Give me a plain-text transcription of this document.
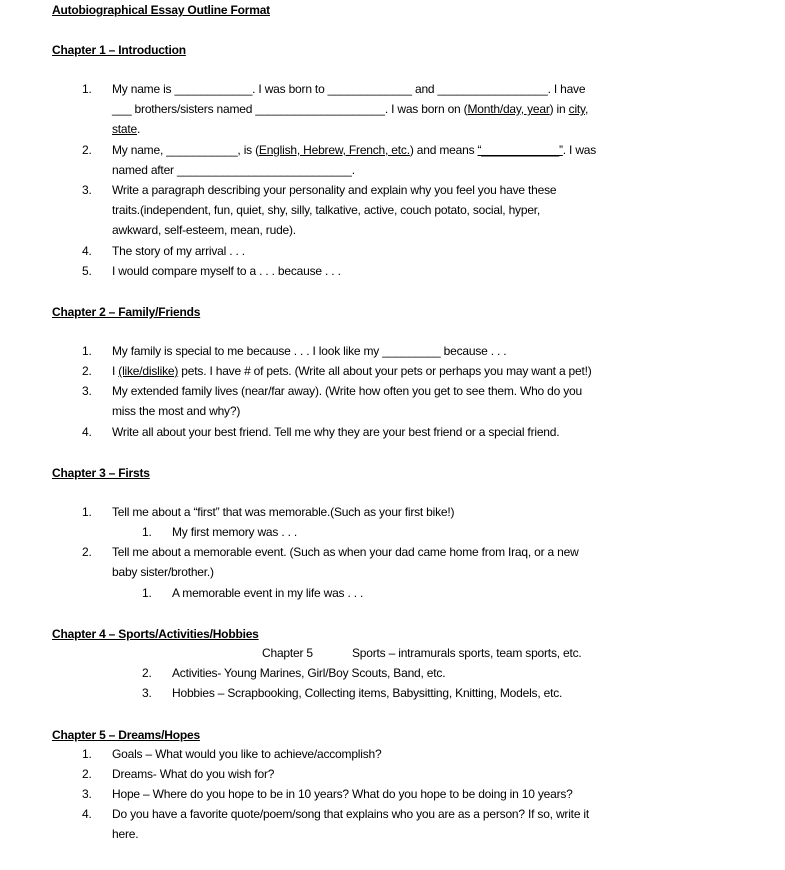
Autobiographical Essay Outline Format
Chapter 1 – Introduction
1. My name is ____________. I was born to _____________ and _________________. I have
___ brothers/sisters named ____________________. I was born on (Month/day, year) in city,
state.
2. My name, ___________, is (English, Hebrew, French, etc.) and means “____________”. I was
named after ___________________________.
3. Write a paragraph describing your personality and explain why you feel you have these
traits.(independent, fun, quiet, shy, silly, talkative, active, couch potato, social, hyper,
awkward, self-esteem, mean, rude).
4. The story of my arrival . . .
5. I would compare myself to a . . . because . . .
Chapter 2 – Family/Friends
1. My family is special to me because . . . I look like my _________ because . . .
2. I (like/dislike) pets. I have # of pets. (Write all about your pets or perhaps you may want a pet!)
3. My extended family lives (near/far away). (Write how often you get to see them. Who do you
miss the most and why?)
4. Write all about your best friend. Tell me why they are your best friend or a special friend.
Chapter 3 – Firsts
1. Tell me about a “first” that was memorable.(Such as your first bike!)
1. My first memory was . . .
2. Tell me about a memorable event. (Such as when your dad came home from Iraq, or a new
baby sister/brother.)
1. A memorable event in my life was . . .
Chapter 4 – Sports/Activities/Hobbies
Chapter 5	Sports – intramurals sports, team sports, etc.
2. Activities- Young Marines, Girl/Boy Scouts, Band, etc.
3. Hobbies – Scrapbooking, Collecting items, Babysitting, Knitting, Models, etc.
Chapter 5 – Dreams/Hopes
1. Goals – What would you like to achieve/accomplish?
2. Dreams- What do you wish for?
3. Hope – Where do you hope to be in 10 years? What do you hope to be doing in 10 years?
4. Do you have a favorite quote/poem/song that explains who you are as a person? If so, write it
here.
